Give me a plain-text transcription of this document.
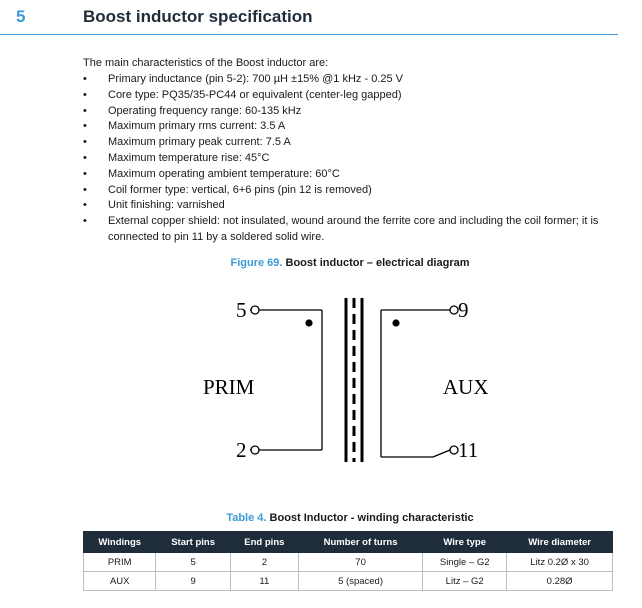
5	Boost inductor specification
The main characteristics of the Boost inductor are:
• Primary inductance (pin 5-2): 700 µH ±15% @1 kHz - 0.25 V
• Core type: PQ35/35-PC44 or equivalent (center-leg gapped)
• Operating frequency range: 60-135 kHz
• Maximum primary rms current: 3.5 A
• Maximum primary peak current: 7.5 A
• Maximum temperature rise: 45°C
• Maximum operating ambient temperature: 60°C
• Coil former type: vertical, 6+6 pins (pin 12 is removed)
• Unit finishing: varnished
• External copper shield: not insulated, wound around the ferrite core and including the coil former; it is connected to pin 11 by a soldered solid wire.
Figure 69. Boost inductor – electrical diagram
5
2
9
11
PRIM	AUX
Table 4. Boost Inductor - winding characteristic
Windings	Start pins	End pins	Number of turns	Wire type	Wire diameter
PRIM	5	2	70	Single – G2	Litz 0.2Ø x 30
AUX	9	11	5 (spaced)	Litz – G2	0.28Ø
